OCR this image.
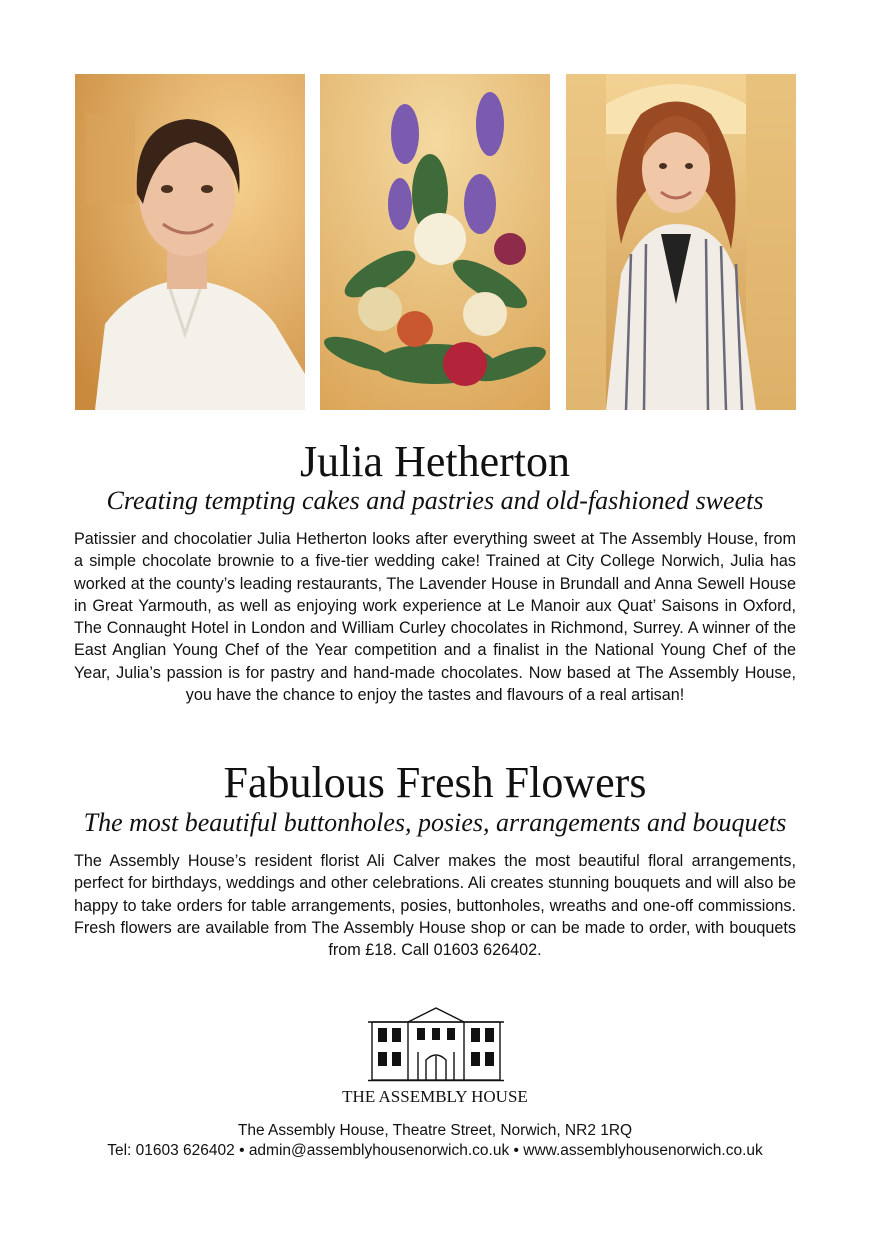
Julia Hetherton

Creating tempting cakes and pastries and old-fashioned sweets

Patissier and chocolatier Julia Hetherton looks after everything sweet at The Assembly House, from a simple chocolate brownie to a five-tier wedding cake! Trained at City College Norwich, Julia has worked at the county’s leading restaurants, The Lavender House in Brundall and Anna Sewell House in Great Yarmouth, as well as enjoying work experience at Le Manoir aux Quat’ Saisons in Oxford, The Connaught Hotel in London and William Curley chocolates in Richmond, Surrey. A winner of the East Anglian Young Chef of the Year competition and a finalist in the National Young Chef of the Year, Julia’s passion is for pastry and hand-made chocolates. Now based at The Assembly House, you have the chance to enjoy the tastes and flavours of a real artisan!

Fabulous Fresh Flowers

The most beautiful buttonholes, posies, arrangements and bouquets

The Assembly House’s resident florist Ali Calver makes the most beautiful floral arrangements, perfect for birthdays, weddings and other celebrations. Ali creates stunning bouquets and will also be happy to take orders for table arrangements, posies, buttonholes, wreaths and one-off commissions. Fresh flowers are available from The Assembly House shop or can be made to order, with bouquets from £18. Call 01603 626402.

THE ASSEMBLY HOUSE
The Assembly House, Theatre Street, Norwich, NR2 1RQ
Tel: 01603 626402 • admin@assemblyhousenorwich.co.uk • www.assemblyhousenorwich.co.uk
